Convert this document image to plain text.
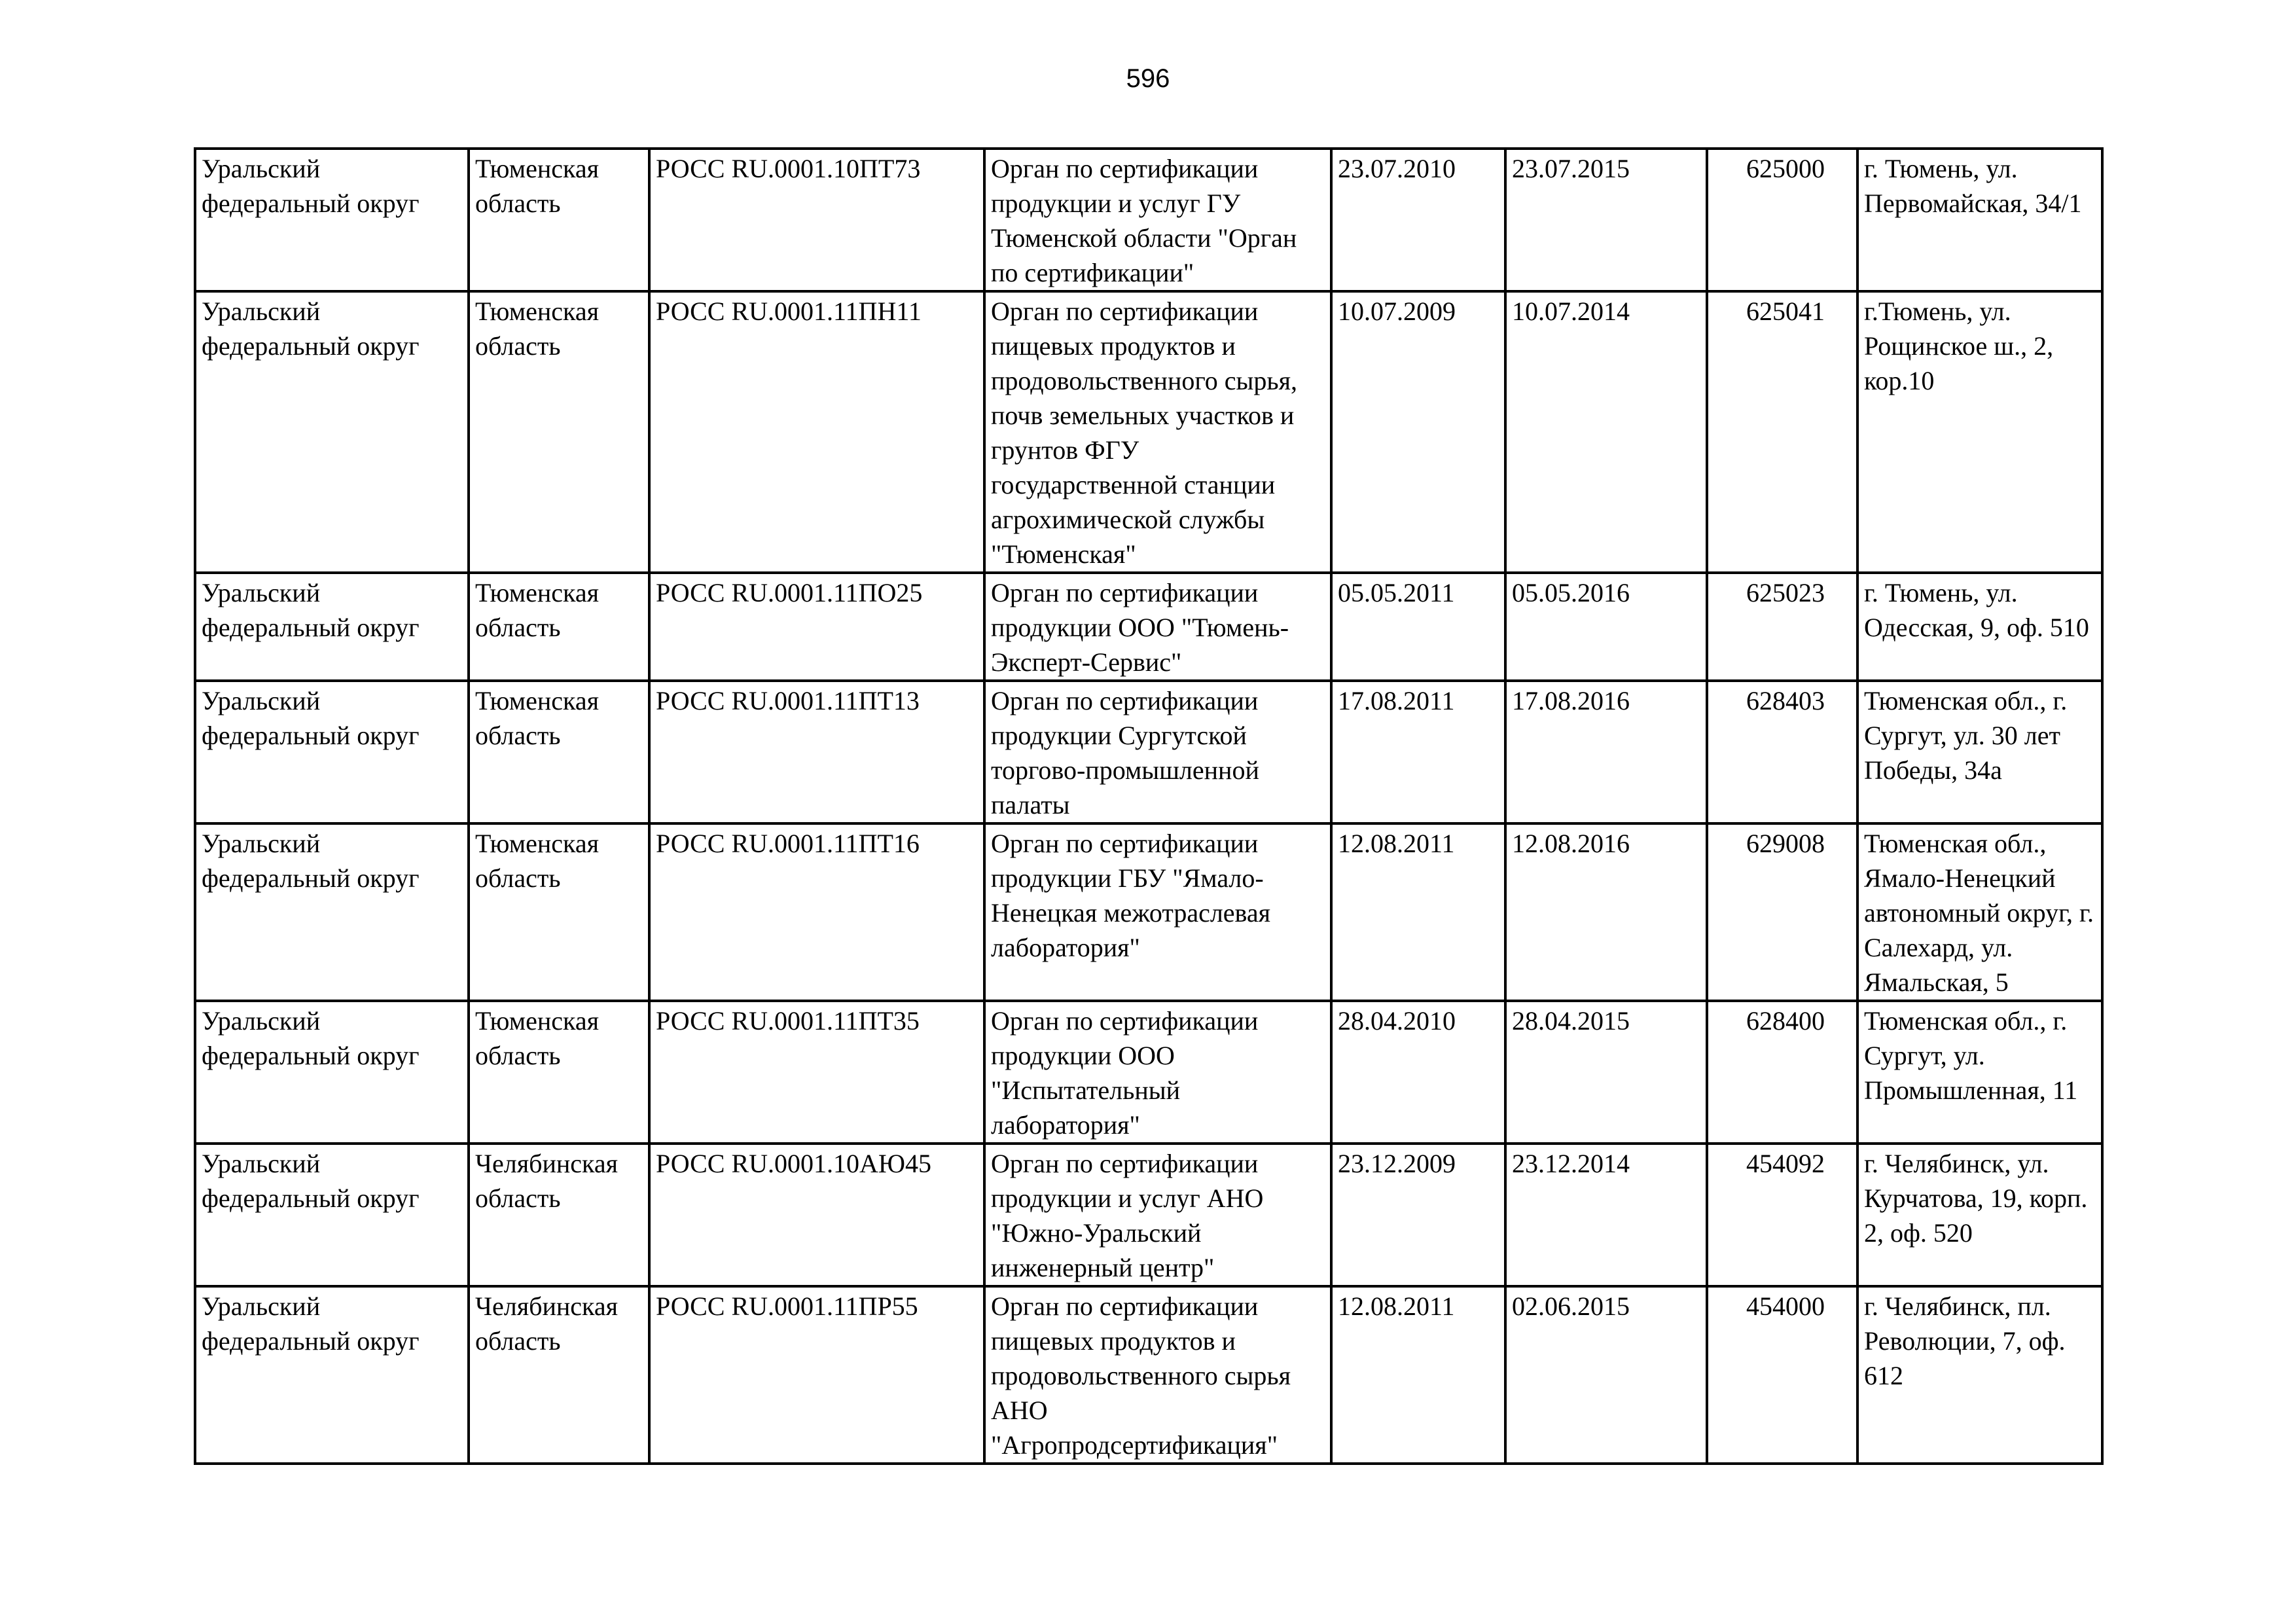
596
Уральский федеральный округ	Тюменская область	РОСС RU.0001.10ПТ73	Орган по сертификации продукции и услуг ГУ Тюменской области "Орган по сертификации"	23.07.2010	23.07.2015	625000	г. Тюмень, ул. Первомайская, 34/1
Уральский федеральный округ	Тюменская область	РОСС RU.0001.11ПН11	Орган по сертификации пищевых продуктов и продовольственного сырья, почв земельных участков и грунтов ФГУ государственной станции агрохимической службы "Тюменская"	10.07.2009	10.07.2014	625041	г.Тюмень, ул. Рощинское ш., 2, кор.10
Уральский федеральный округ	Тюменская область	РОСС RU.0001.11ПО25	Орган по сертификации продукции ООО "Тюмень-Эксперт-Сервис"	05.05.2011	05.05.2016	625023	г. Тюмень, ул. Одесская, 9, оф. 510
Уральский федеральный округ	Тюменская область	РОСС RU.0001.11ПТ13	Орган по сертификации продукции Сургутской торгово-промышленной палаты	17.08.2011	17.08.2016	628403	Тюменская обл., г. Сургут, ул. 30 лет Победы, 34а
Уральский федеральный округ	Тюменская область	РОСС RU.0001.11ПТ16	Орган по сертификации продукции ГБУ "Ямало-Ненецкая межотраслевая лаборатория"	12.08.2011	12.08.2016	629008	Тюменская обл., Ямало-Ненецкий автономный округ, г. Салехард, ул. Ямальская, 5
Уральский федеральный округ	Тюменская область	РОСС RU.0001.11ПТ35	Орган по сертификации продукции ООО "Испытательный лаборатория"	28.04.2010	28.04.2015	628400	Тюменская обл., г. Сургут, ул. Промышленная, 11
Уральский федеральный округ	Челябинская область	РОСС RU.0001.10АЮ45	Орган по сертификации продукции и услуг АНО "Южно-Уральский инженерный центр"	23.12.2009	23.12.2014	454092	г. Челябинск, ул. Курчатова, 19, корп. 2, оф. 520
Уральский федеральный округ	Челябинская область	РОСС RU.0001.11ПР55	Орган по сертификации пищевых продуктов и продовольственного сырья АНО "Агропродсертификация"	12.08.2011	02.06.2015	454000	г. Челябинск, пл. Революции, 7, оф. 612
